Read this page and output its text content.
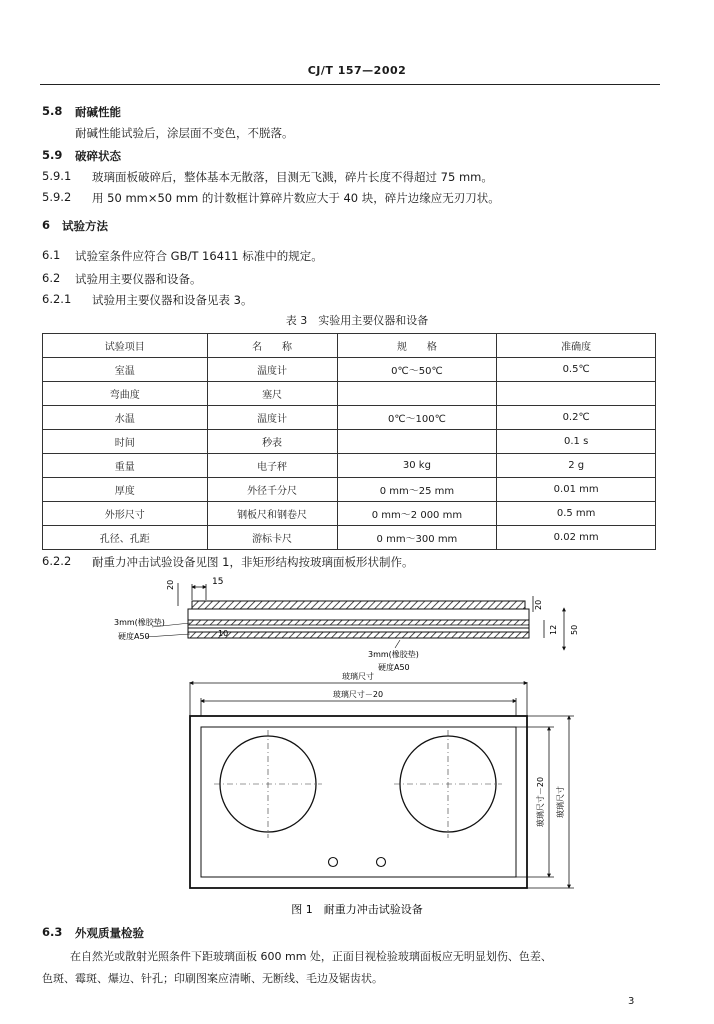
CJ/T 157—2002
5.8 耐碱性能
耐碱性能试验后，涂层面不变色，不脱落。
5.9 破碎状态
5.9.1 玻璃面板破碎后，整体基本无散落，目测无飞溅，碎片长度不得超过 75 mm。
5.9.2 用 50 mm×50 mm 的计数框计算碎片数应大于 40 块，碎片边缘应无刃刀状。
6 试验方法
6.1 试验室条件应符合 GB/T 16411 标准中的规定。
6.2 试验用主要仪器和设备。
6.2.1 试验用主要仪器和设备见表 3。
表 3　实验用主要仪器和设备
试验项目	名　　称	规　　格	准确度
室温	温度计	0℃～50℃	0.5℃
弯曲度	塞尺		
水温	温度计	0℃～100℃	0.2℃
时间	秒表		0.1 s
重量	电子秤	30 kg	2 g
厚度	外径千分尺	0 mm～25 mm	0.01 mm
外形尺寸	钢板尺和钢卷尺	0 mm～2 000 mm	0.5 mm
孔径、孔距	游标卡尺	0 mm～300 mm	0.02 mm
6.2.2 耐重力冲击试验设备见图 1，非矩形结构按玻璃面板形状制作。
15
20
10
20
12 50
3mm(橡胶垫)
硬度A50
3mm(橡胶垫)
硬度A50
玻璃尺寸
玻璃尺寸－20
玻璃尺寸－20 玻璃尺寸
图 1　耐重力冲击试验设备
6.3 外观质量检验
在自然光或散射光照条件下距玻璃面板 600 mm 处，正面目视检验玻璃面板应无明显划伤、色差、
色斑、霉斑、爆边、针孔；印刷图案应清晰、无断线、毛边及锯齿状。
3
